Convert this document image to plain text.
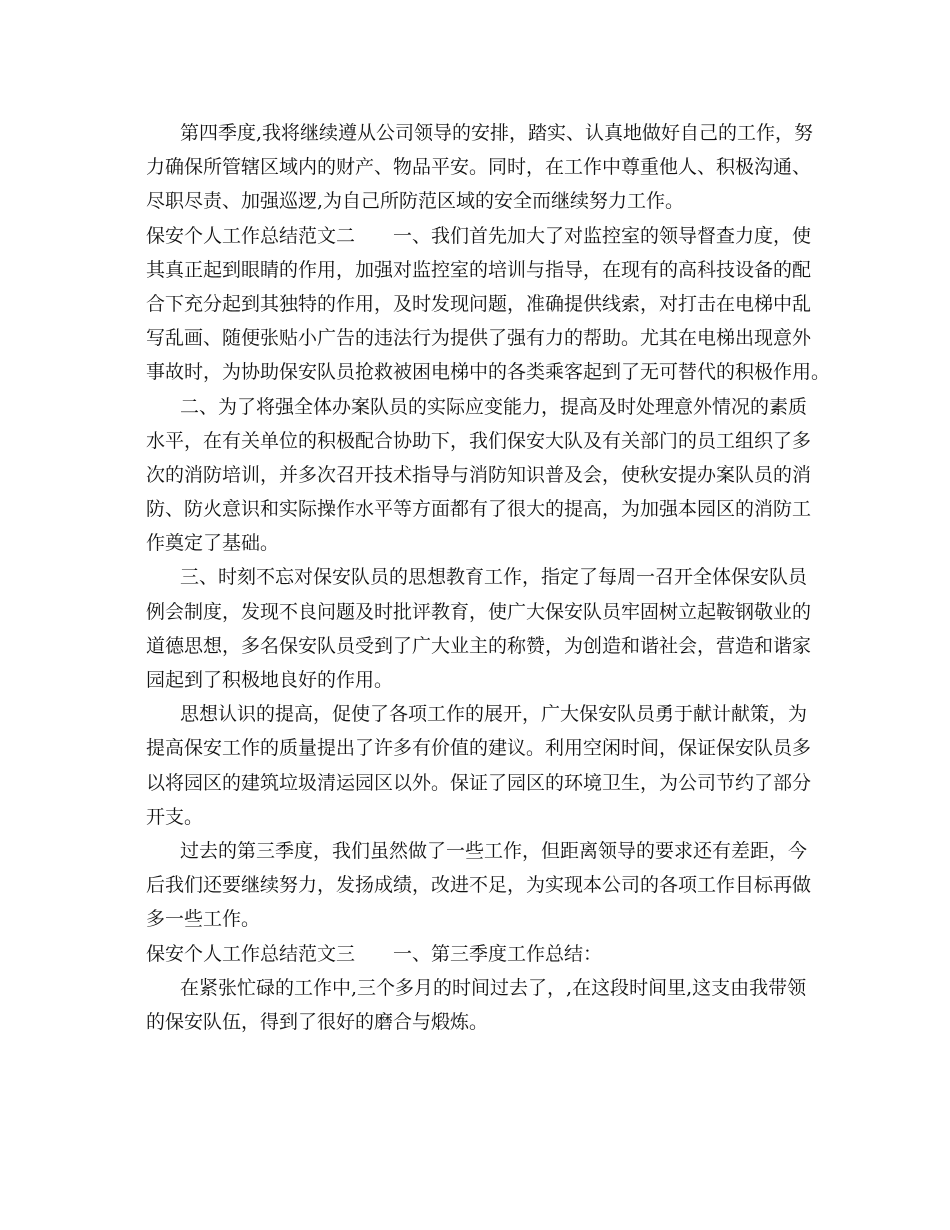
第四季度,我将继续遵从公司领导的安排，踏实、认真地做好自己的工作，努
力确保所管辖区域内的财产、物品平安。同时，在工作中尊重他人、积极沟通、
尽职尽责、加强巡逻,为自己所防范区域的安全而继续努力工作。
保安个人工作总结范文二　　一、我们首先加大了对监控室的领导督查力度，使
其真正起到眼睛的作用，加强对监控室的培训与指导，在现有的高科技设备的配
合下充分起到其独特的作用，及时发现问题，准确提供线索，对打击在电梯中乱
写乱画、随便张贴小广告的违法行为提供了强有力的帮助。尤其在电梯出现意外
事故时，为协助保安队员抢救被困电梯中的各类乘客起到了无可替代的积极作用。
二、为了将强全体办案队员的实际应变能力，提高及时处理意外情况的素质
水平，在有关单位的积极配合协助下，我们保安大队及有关部门的员工组织了多
次的消防培训，并多次召开技术指导与消防知识普及会，使秋安提办案队员的消
防、防火意识和实际操作水平等方面都有了很大的提高，为加强本园区的消防工
作奠定了基础。
三、时刻不忘对保安队员的思想教育工作，指定了每周一召开全体保安队员
例会制度，发现不良问题及时批评教育，使广大保安队员牢固树立起鞍钢敬业的
道德思想，多名保安队员受到了广大业主的称赞，为创造和谐社会，营造和谐家
园起到了积极地良好的作用。
思想认识的提高，促使了各项工作的展开，广大保安队员勇于献计献策，为
提高保安工作的质量提出了许多有价值的建议。利用空闲时间，保证保安队员多
以将园区的建筑垃圾清运园区以外。保证了园区的环境卫生，为公司节约了部分
开支。
过去的第三季度，我们虽然做了一些工作，但距离领导的要求还有差距，今
后我们还要继续努力，发扬成绩，改进不足，为实现本公司的各项工作目标再做
多一些工作。
保安个人工作总结范文三　　一、第三季度工作总结：
在紧张忙碌的工作中,三个多月的时间过去了，,在这段时间里,这支由我带领
的保安队伍，得到了很好的磨合与煅炼。
